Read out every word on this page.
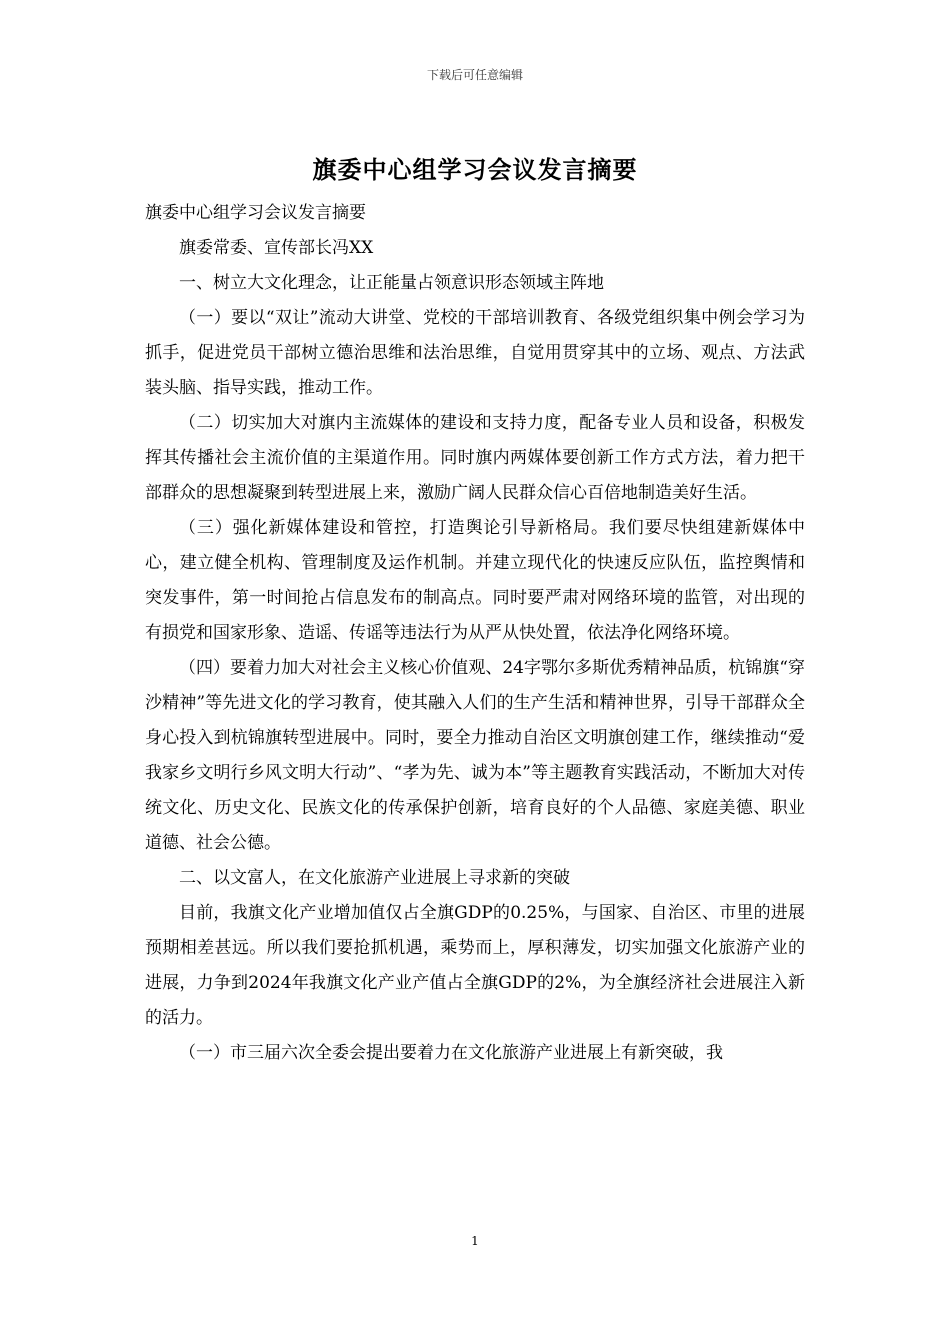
下载后可任意编辑
旗委中心组学习会议发言摘要

旗委中心组学习会议发言摘要

旗委常委、宣传部长冯XX

一、树立大文化理念，让正能量占领意识形态领域主阵地

（一）要以“双让”流动大讲堂、党校的干部培训教育、各级党组织集中例会学习为抓手，促进党员干部树立德治思维和法治思维，自觉用贯穿其中的立场、观点、方法武装头脑、指导实践，推动工作。

（二）切实加大对旗内主流媒体的建设和支持力度，配备专业人员和设备，积极发挥其传播社会主流价值的主渠道作用。同时旗内两媒体要创新工作方式方法，着力把干部群众的思想凝聚到转型进展上来，激励广阔人民群众信心百倍地制造美好生活。

（三）强化新媒体建设和管控，打造舆论引导新格局。我们要尽快组建新媒体中心，建立健全机构、管理制度及运作机制。并建立现代化的快速反应队伍，监控舆情和突发事件，第一时间抢占信息发布的制高点。同时要严肃对网络环境的监管，对出现的有损党和国家形象、造谣、传谣等违法行为从严从快处置，依法净化网络环境。

（四）要着力加大对社会主义核心价值观、24字鄂尔多斯优秀精神品质，杭锦旗“穿沙精神”等先进文化的学习教育，使其融入人们的生产生活和精神世界，引导干部群众全身心投入到杭锦旗转型进展中。同时，要全力推动自治区文明旗创建工作，继续推动“爱我家乡文明行乡风文明大行动”、“孝为先、诚为本”等主题教育实践活动，不断加大对传统文化、历史文化、民族文化的传承保护创新，培育良好的个人品德、家庭美德、职业道德、社会公德。

二、以文富人，在文化旅游产业进展上寻求新的突破

目前，我旗文化产业增加值仅占全旗GDP的0.25%，与国家、自治区、市里的进展预期相差甚远。所以我们要抢抓机遇，乘势而上，厚积薄发，切实加强文化旅游产业的进展，力争到2024年我旗文化产业产值占全旗GDP的2%，为全旗经济社会进展注入新的活力。

（一）市三届六次全委会提出要着力在文化旅游产业进展上有新突破，我

1
